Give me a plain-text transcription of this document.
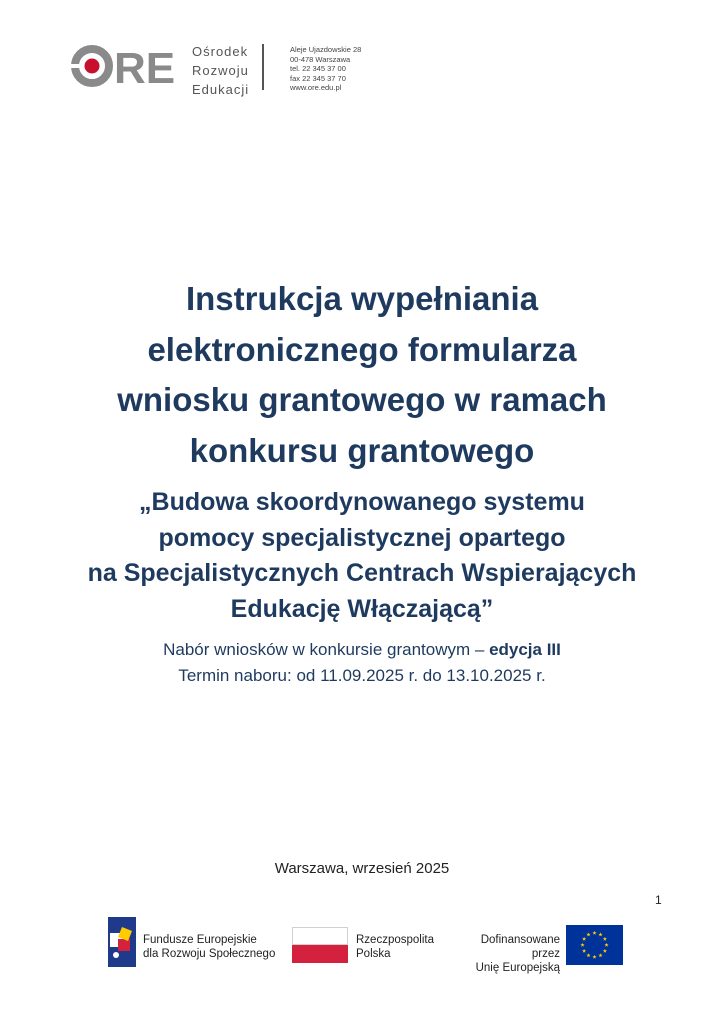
RE Ośrodek
Rozwoju
Edukacji
Aleje Ujazdowskie 28
00-478 Warszawa
tel. 22 345 37 00
fax 22 345 37 70
www.ore.edu.pl
Instrukcja wypełniania
elektronicznego formularza
wniosku grantowego w ramach
konkursu grantowego
„Budowa skoordynowanego systemu
pomocy specjalistycznej opartego
na Specjalistycznych Centrach Wspierających
Edukację Włączającą”
Nabór wniosków w konkursie grantowym – edycja III
Termin naboru: od 11.09.2025 r. do 13.10.2025 r.
Warszawa, wrzesień 2025
1
Fundusze Europejskie
dla Rozwoju Społecznego
Rzeczpospolita
Polska
Dofinansowane przez
Unię Europejską
